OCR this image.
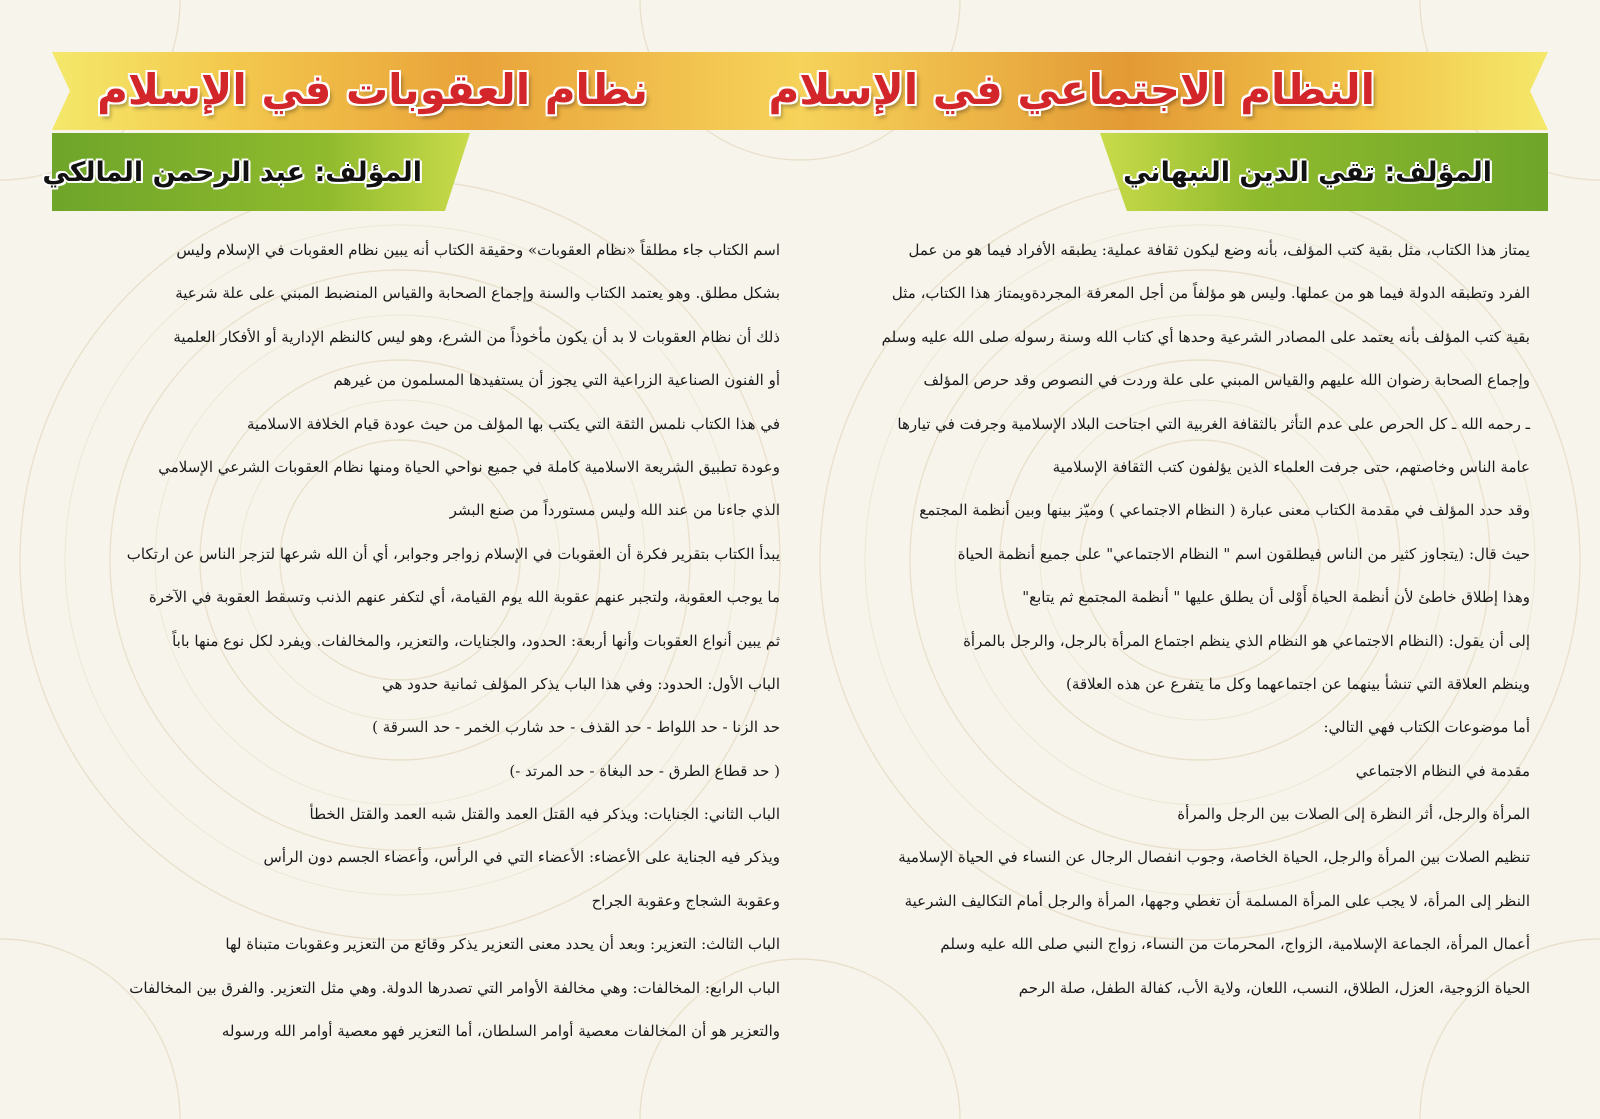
النظام الاجتماعي في الإسلام
نظام العقوبات في الإسلام
المؤلف: تقي الدين النبهاني
المؤلف: عبد الرحمن المالكي

يمتاز هذا الكتاب، مثل بقية كتب المؤلف، بأنه وضع ليكون ثقافة عملية: يطبقه الأفراد فيما هو من عمل

الفرد وتطبقه الدولة فيما هو من عملها. وليس هو مؤلفاً من أجل المعرفة المجردةويمتاز هذا الكتاب، مثل

بقية كتب المؤلف بأنه يعتمد على المصادر الشرعية وحدها أي كتاب الله وسنة رسوله صلى الله عليه وسلم

وإجماع الصحابة رضوان الله عليهم والقياس المبني على علة وردت في النصوص وقد حرص المؤلف

ـ رحمه الله ـ كل الحرص على عدم التأثر بالثقافة الغربية التي اجتاحت البلاد الإسلامية وجرفت في تيارها

عامة الناس وخاصتهم، حتى جرفت العلماء الذين يؤلفون كتب الثقافة الإسلامية

وقد حدد المؤلف في مقدمة الكتاب معنى عبارة ( النظام الاجتماعي ) وميّز بينها وبين أنظمة المجتمع

حيث قال: (يتجاوز كثير من الناس فيطلقون اسم " النظام الاجتماعي" على جميع أنظمة الحياة

وهذا إطلاق خاطئ لأن أنظمة الحياة أَوْلى أن يطلق عليها " أنظمة المجتمع ثم يتابع"

إلى أن يقول: (النظام الاجتماعي هو النظام الذي ينظم اجتماع المرأة بالرجل، والرجل بالمرأة

وينظم العلاقة التي تنشأ بينهما عن اجتماعهما وكل ما يتفرع عن هذه العلاقة)

أما موضوعات الكتاب فهي التالي:

مقدمة في النظام الاجتماعي

المرأة والرجل، أثر النظرة إلى الصلات بين الرجل والمرأة

تنظيم الصلات بين المرأة والرجل، الحياة الخاصة، وجوب انفصال الرجال عن النساء في الحياة الإسلامية

النظر إلى المرأة، لا يجب على المرأة المسلمة أن تغطي وجهها، المرأة والرجل أمام التكاليف الشرعية

أعمال المرأة، الجماعة الإسلامية، الزواج، المحرمات من النساء، زواج النبي صلى الله عليه وسلم

الحياة الزوجية، العزل، الطلاق، النسب، اللعان، ولاية الأب، كفالة الطفل، صلة الرحم

اسم الكتاب جاء مطلقاً «نظام العقوبات» وحقيقة الكتاب أنه يبين نظام العقوبات في الإسلام وليس

بشكل مطلق. وهو يعتمد الكتاب والسنة وإجماع الصحابة والقياس المنضبط المبني على علة شرعية

ذلك أن نظام العقوبات لا بد أن يكون مأخوذاً من الشرع، وهو ليس كالنظم الإدارية أو الأفكار العلمية

أو الفنون الصناعية الزراعية التي يجوز أن يستفيدها المسلمون من غيرهم

في هذا الكتاب نلمس الثقة التي يكتب بها المؤلف من حيث عودة قيام الخلافة الاسلامية

وعودة تطبيق الشريعة الاسلامية كاملة في جميع نواحي الحياة ومنها نظام العقوبات الشرعي الإسلامي

الذي جاءنا من عند الله وليس مستورداً من صنع البشر

يبدأ الكتاب بتقرير فكرة أن العقوبات في الإسلام زواجر وجوابر، أي أن الله شرعها لتزجر الناس عن ارتكاب

ما يوجب العقوبة، ولتجبر عنهم عقوبة الله يوم القيامة، أي لتكفر عنهم الذنب وتسقط العقوبة في الآخرة

ثم يبين أنواع العقوبات وأنها أربعة: الحدود، والجنايات، والتعزير، والمخالفات. ويفرد لكل نوع منها باباً

الباب الأول: الحدود: وفي هذا الباب يذكر المؤلف ثمانية حدود هي

حد الزنا - حد اللواط - حد القذف - حد شارب الخمر - حد السرقة )

( حد قطاع الطرق - حد البغاة - حد المرتد -)

الباب الثاني: الجنايات: ويذكر فيه القتل العمد والقتل شبه العمد والقتل الخطأ

ويذكر فيه الجناية على الأعضاء: الأعضاء التي في الرأس، وأعضاء الجسم دون الرأس

وعقوبة الشجاج وعقوبة الجراح

الباب الثالث: التعزير: وبعد أن يحدد معنى التعزير يذكر وقائع من التعزير وعقوبات متبناة لها

الباب الرابع: المخالفات: وهي مخالفة الأوامر التي تصدرها الدولة. وهي مثل التعزير. والفرق بين المخالفات

والتعزير هو أن المخالفات معصية أوامر السلطان، أما التعزير فهو معصية أوامر الله ورسوله
